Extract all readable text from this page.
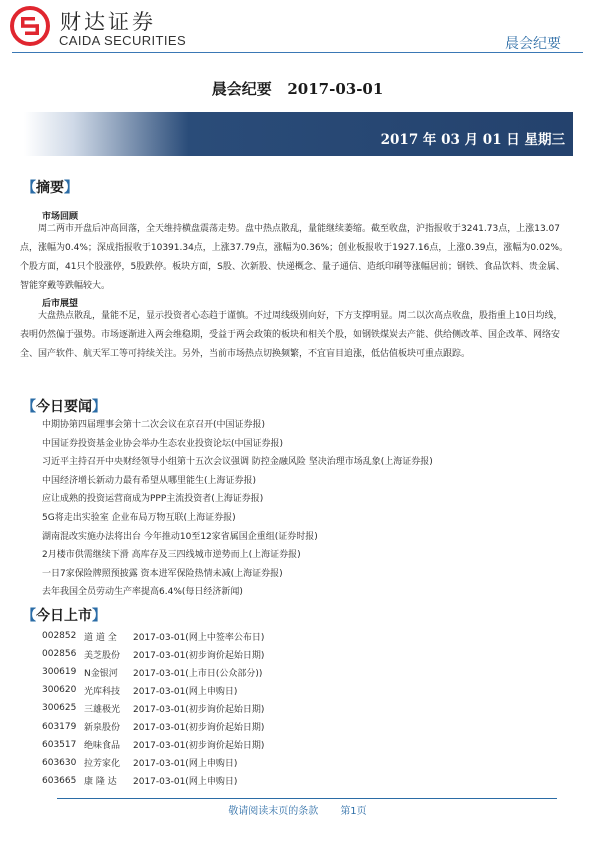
财达证券
CAIDA SECURITIES	晨会纪要
晨会纪要   2017-03-01
2017 年 03 月 01 日 星期三
【摘要】
市场回顾

周二两市开盘后冲高回落，全天维持横盘震荡走势。盘中热点散乱，量能继续萎缩。截至收盘，沪指报收于3241.73点，上涨13.07点，涨幅为0.4%；深成指报收于10391.34点，上涨37.79点，涨幅为0.36%；创业板报收于1927.16点，上涨0.39点，涨幅为0.02%。个股方面，41只个股涨停，5股跌停。板块方面，S股、次新股、快递概念、量子通信、造纸印刷等涨幅居前；钢铁、食品饮料、贵金属、智能穿戴等跌幅较大。

后市展望

大盘热点散乱，量能不足，显示投资者心态趋于谨慎。不过周线级别向好，下方支撑明显。周二以次高点收盘，股指重上10日均线，表明仍然偏于强势。市场逐渐进入两会维稳期，受益于两会政策的板块和相关个股，如钢铁煤炭去产能、供给侧改革、国企改革、网络安全、国产软件、航天军工等可持续关注。另外，当前市场热点切换频繁，不宜盲目追涨，低估值板块可重点跟踪。

【今日要闻】
中期协第四届理事会第十二次会议在京召开(中国证券报)
中国证券投资基金业协会举办生态农业投资论坛(中国证券报)
习近平主持召开中央财经领导小组第十五次会议强调 防控金融风险 坚决治理市场乱象(上海证券报)
中国经济增长新动力最有希望从哪里能生(上海证券报)
应让成熟的投资运营商成为PPP主流投资者(上海证券报)
5G将走出实验室 企业布局万物互联(上海证券报)
湖南混改实施办法将出台 今年推动10至12家省属国企重组(证券时报)
2月楼市供需继续下滑 高库存及三四线城市逆势而上(上海证券报)
一日7家保险牌照预披露 资本进军保险热情未减(上海证券报)
去年我国全员劳动生产率提高6.4%(每日经济新闻)
【今日上市】
002852	道 道 全	2017-03-01(网上中签率公布日)
002856	美芝股份	2017-03-01(初步询价起始日期)
300619	N金银河	2017-03-01(上市日(公众部分))
300620	光库科技	2017-03-01(网上申购日)
300625	三雄极光	2017-03-01(初步询价起始日期)
603179	新泉股份	2017-03-01(初步询价起始日期)
603517	绝味食品	2017-03-01(初步询价起始日期)
603630	拉芳家化	2017-03-01(网上申购日)
603665	康 隆 达	2017-03-01(网上申购日)
敬请阅读末页的条款 第1页
